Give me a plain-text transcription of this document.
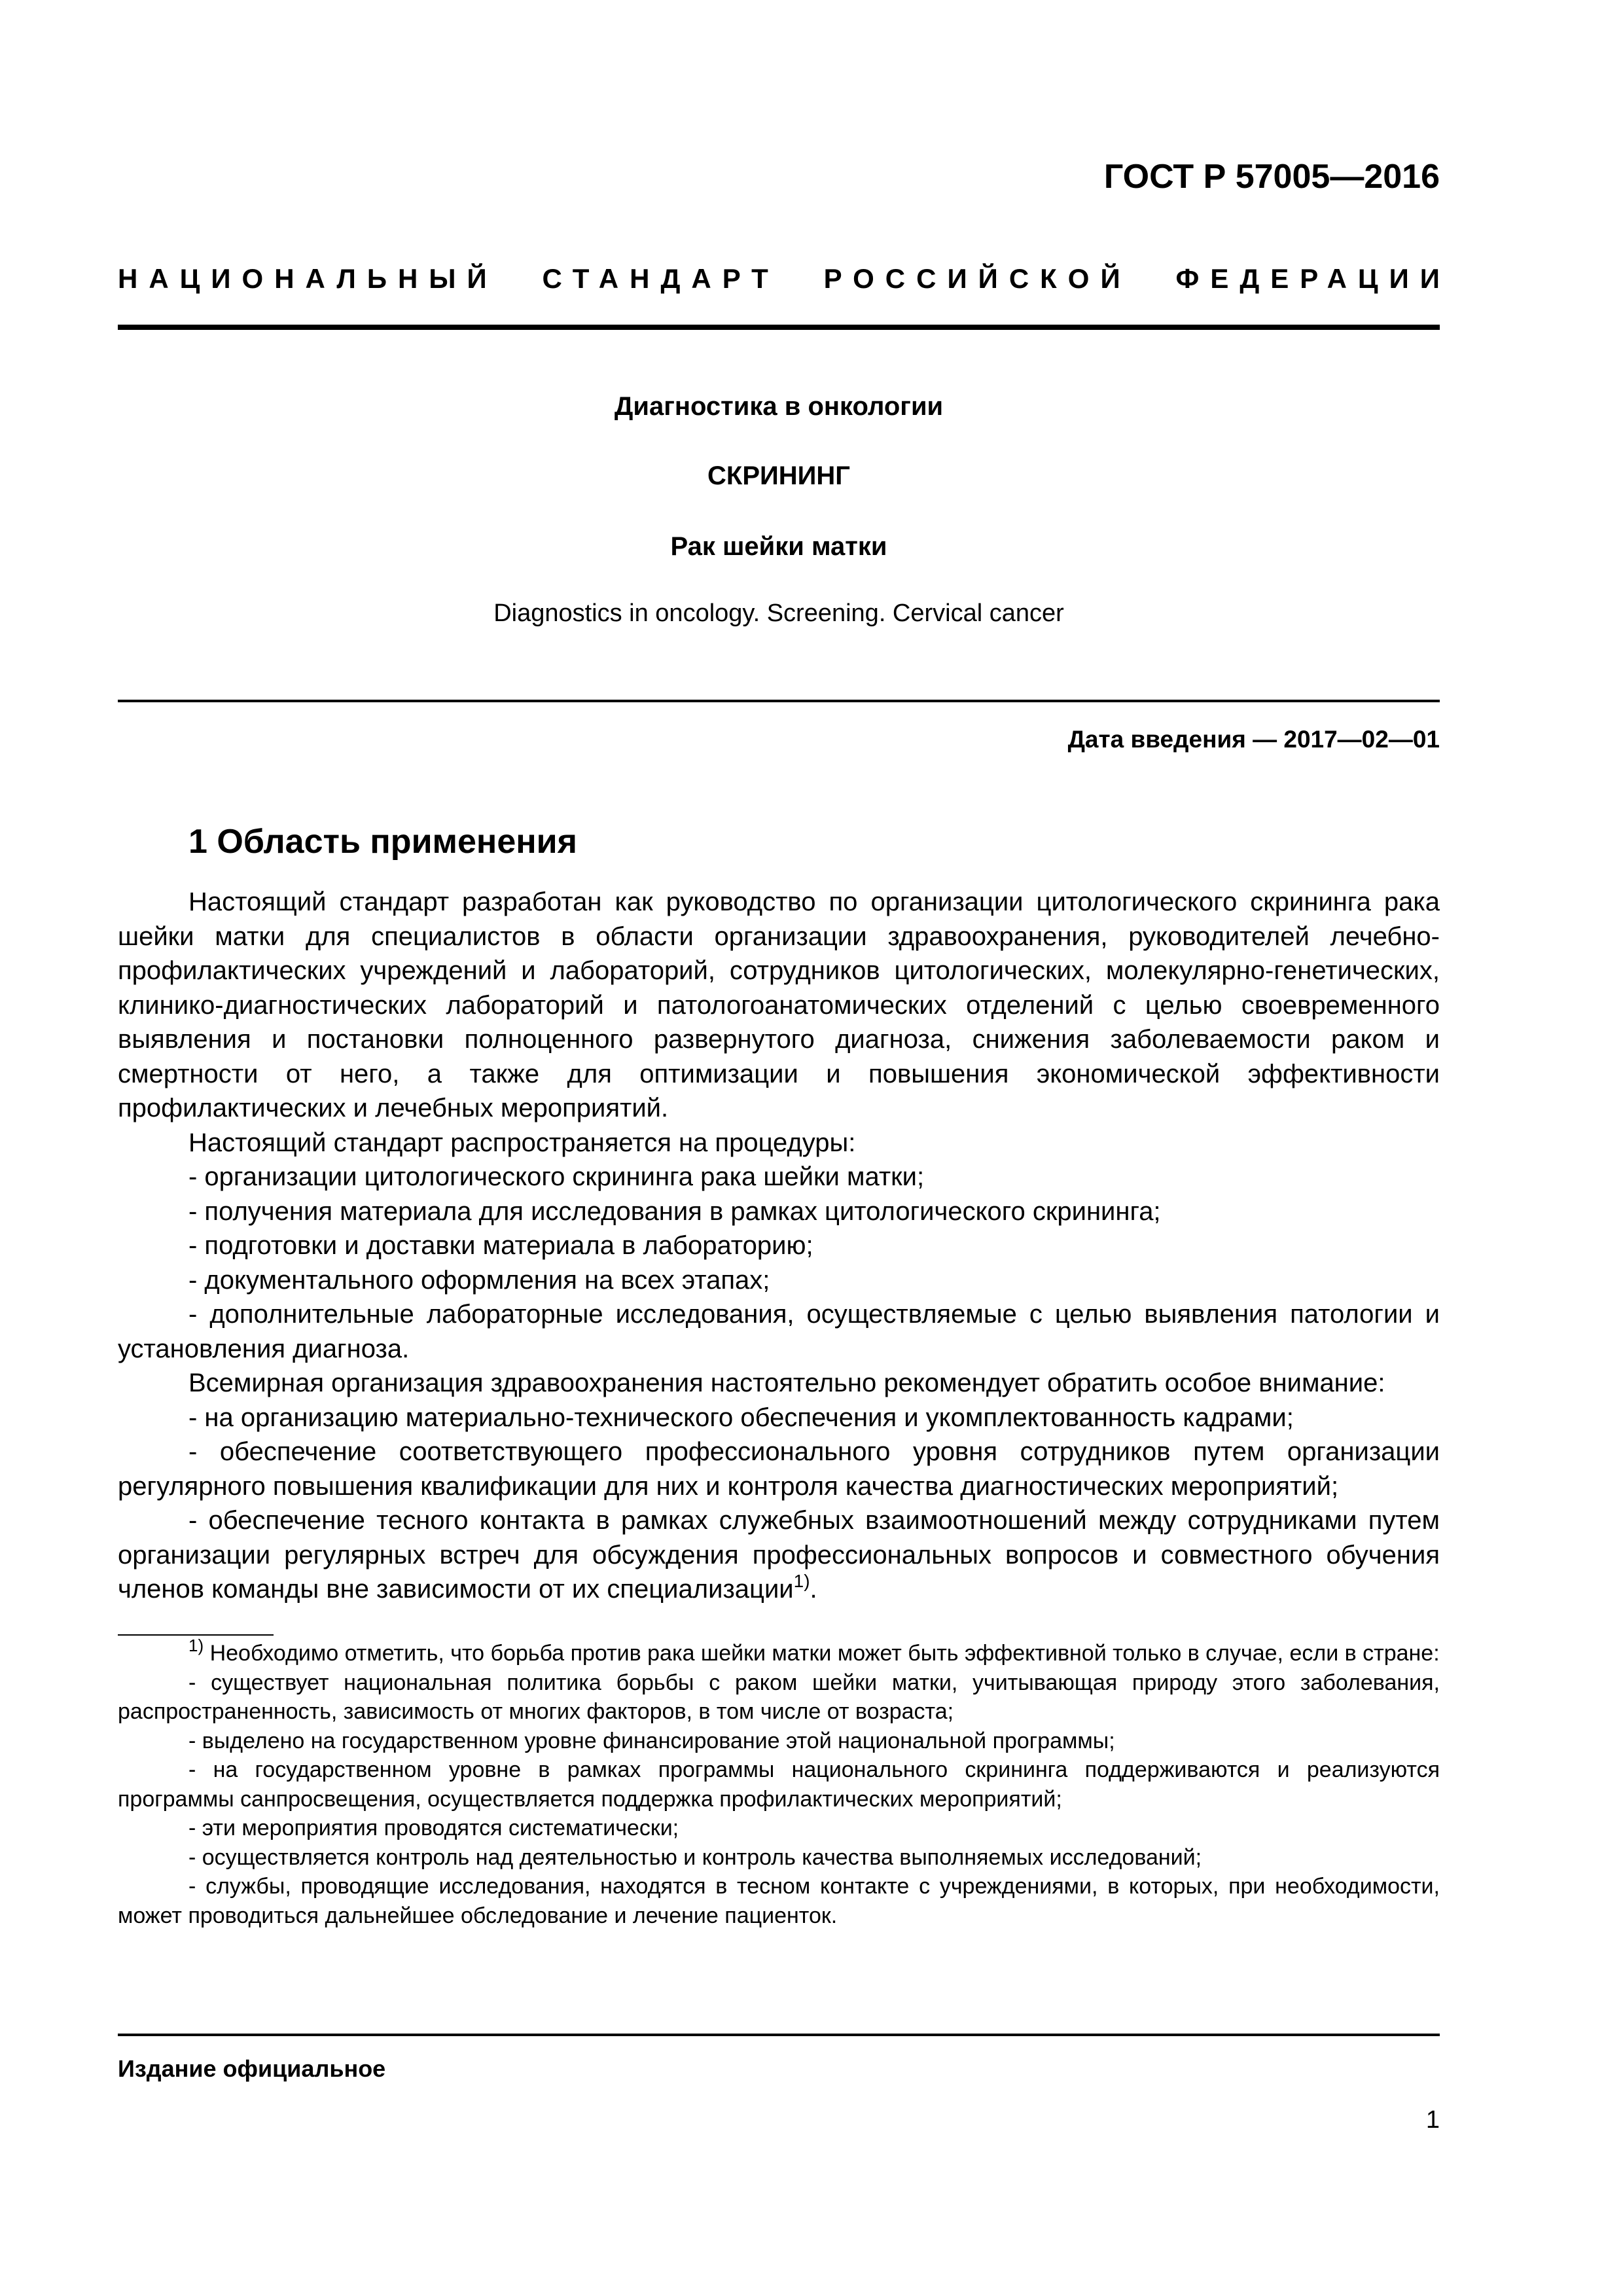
ГОСТ Р 57005—2016
НАЦИОНАЛЬНЫЙ СТАНДАРТ РОССИЙСКОЙ ФЕДЕРАЦИИ
Диагностика в онкологии
СКРИНИНГ
Рак шейки матки
Diagnostics in oncology. Screening. Cervical cancer
Дата введения — 2017—02—01
1 Область применения

Настоящий стандарт разработан как руководство по организации цитологического скрининга рака шейки матки для специалистов в области организации здравоохранения, руководителей лечебно-профилактических учреждений и лабораторий, сотрудников цитологических, молекулярно-генетических, клинико-диагностических лабораторий и патологоанатомических отделений с целью своевременного выявления и постановки полноценного развернутого диагноза, снижения заболеваемости раком и смертности от него, а также для оптимизации и повышения экономической эффективности профилактических и лечебных мероприятий.

Настоящий стандарт распространяется на процедуры:

- организации цитологического скрининга рака шейки матки;

- получения материала для исследования в рамках цитологического скрининга;

- подготовки и доставки материала в лабораторию;

- документального оформления на всех этапах;

- дополнительные лабораторные исследования, осуществляемые с целью выявления патологии и установления диагноза.

Всемирная организация здравоохранения настоятельно рекомендует обратить особое внимание:

- на организацию материально-технического обеспечения и укомплектованность кадрами;

- обеспечение соответствующего профессионального уровня сотрудников путем организации регулярного повышения квалификации для них и контроля качества диагностических мероприятий;

- обеспечение тесного контакта в рамках служебных взаимоотношений между сотрудниками путем организации регулярных встреч для обсуждения профессиональных вопросов и совместного обучения членов команды вне зависимости от их специализации$^{1)}$.

$^{1)}$ Необходимо отметить, что борьба против рака шейки матки может быть эффективной только в случае, если в стране:

- существует национальная политика борьбы с раком шейки матки, учитывающая природу этого заболевания, распространенность, зависимость от многих факторов, в том числе от возраста;

- выделено на государственном уровне финансирование этой национальной программы;

- на государственном уровне в рамках программы национального скрининга поддерживаются и реализуются программы санпросвещения, осуществляется поддержка профилактических мероприятий;

- эти мероприятия проводятся систематически;

- осуществляется контроль над деятельностью и контроль качества выполняемых исследований;

- службы, проводящие исследования, находятся в тесном контакте с учреждениями, в которых, при необходимости, может проводиться дальнейшее обследование и лечение пациенток.

Издание официальное
1
